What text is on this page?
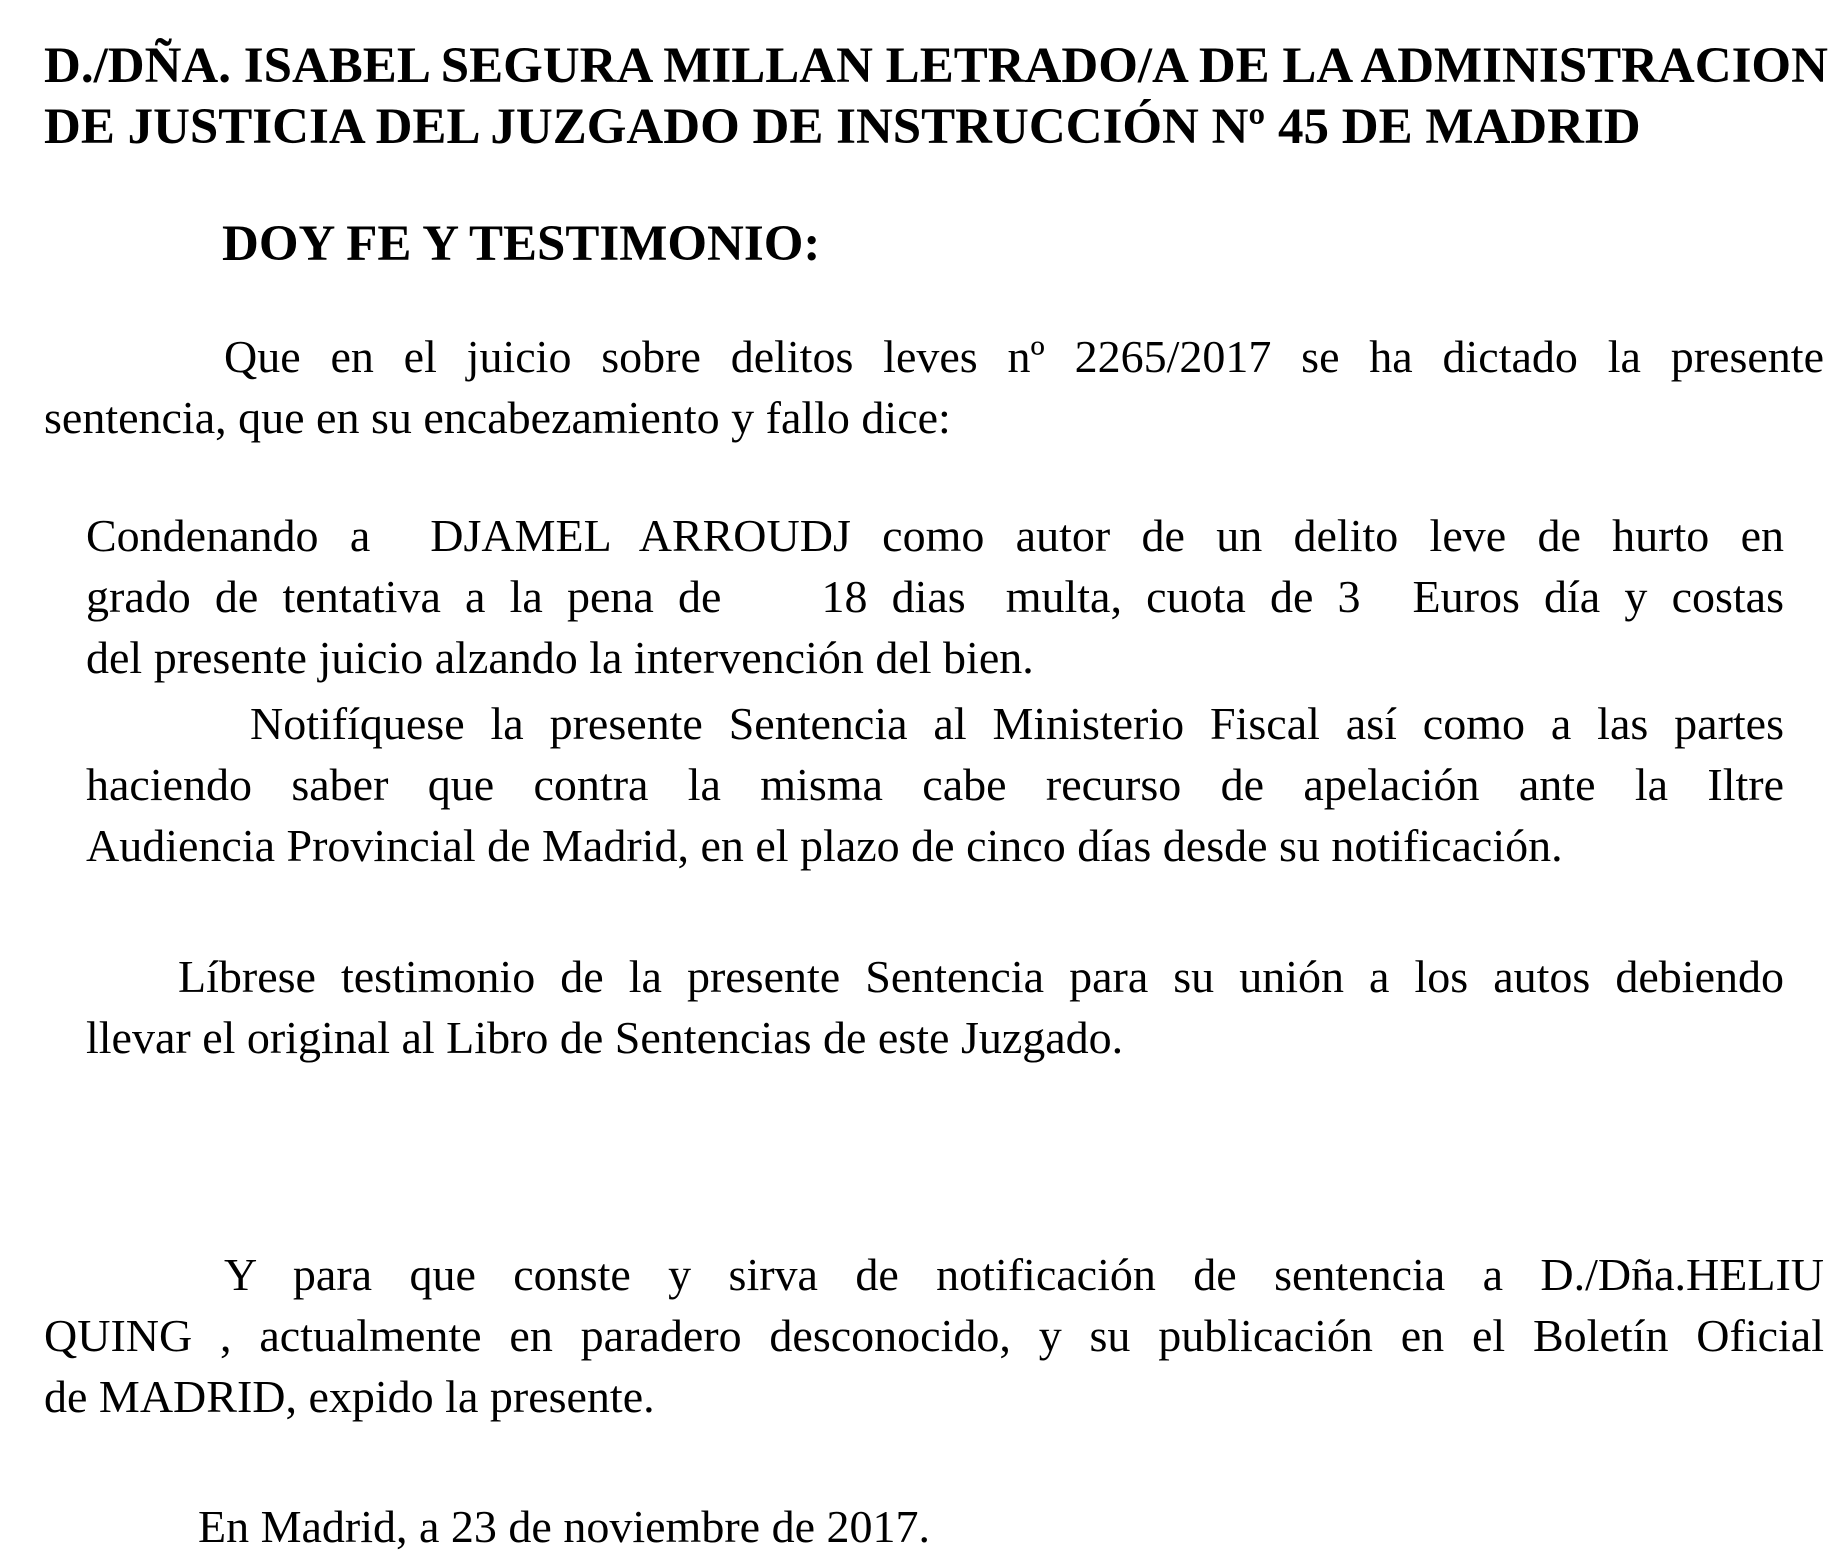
D./DÑA. ISABEL SEGURA MILLAN LETRADO/A DE LA ADMINISTRACION
DE JUSTICIA DEL JUZGADO DE INSTRUCCIÓN Nº 45 DE MADRID
DOY FE Y TESTIMONIO:
Que en el juicio sobre delitos leves nº 2265/2017 se ha dictado la presente
sentencia, que en su encabezamiento y fallo dice:
Condenando a DJAMEL ARROUDJ como autor de un delito leve de hurto en
grado de tentativa a la pena de 18 dias multa, cuota de 3 Euros día y costas
del presente juicio alzando la intervención del bien.
Notifíquese la presente Sentencia al Ministerio Fiscal así como a las partes
haciendo saber que contra la misma cabe recurso de apelación ante la Iltre
Audiencia Provincial de Madrid, en el plazo de cinco días desde su notificación.
Líbrese testimonio de la presente Sentencia para su unión a los autos debiendo
llevar el original al Libro de Sentencias de este Juzgado.
Y para que conste y sirva de notificación de sentencia a D./Dña.HELIU
QUING , actualmente en paradero desconocido, y su publicación en el Boletín Oficial
de MADRID, expido la presente.
En Madrid, a 23 de noviembre de 2017.
